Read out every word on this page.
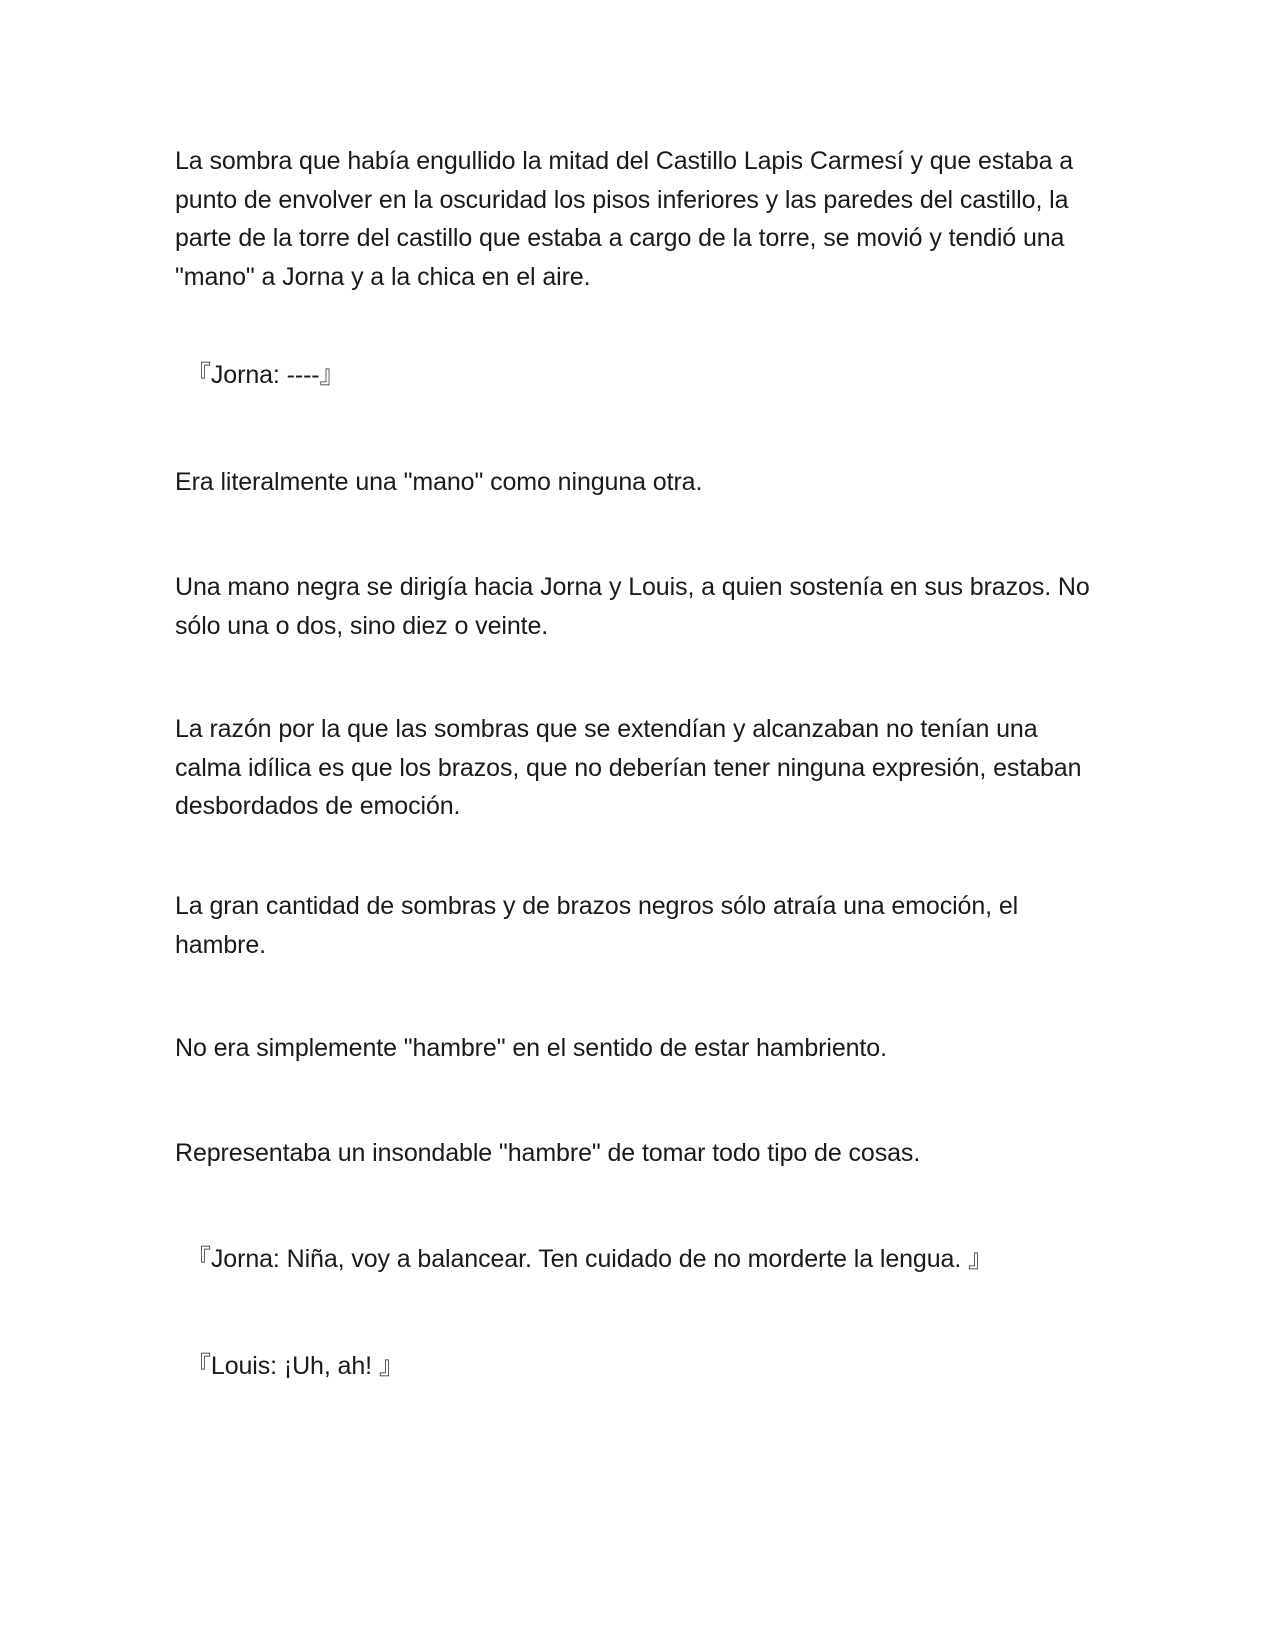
La sombra que había engullido la mitad del Castillo Lapis Carmesí y que estaba a punto de envolver en la oscuridad los pisos inferiores y las paredes del castillo, la parte de la torre del castillo que estaba a cargo de la torre, se movió y tendió una "mano" a Jorna y a la chica en el aire.

『Jorna: ----』

Era literalmente una "mano" como ninguna otra.

Una mano negra se dirigía hacia Jorna y Louis, a quien sostenía en sus brazos. No sólo una o dos, sino diez o veinte.

La razón por la que las sombras que se extendían y alcanzaban no tenían una calma idílica es que los brazos, que no deberían tener ninguna expresión, estaban desbordados de emoción.

La gran cantidad de sombras y de brazos negros sólo atraía una emoción, el hambre.

No era simplemente "hambre" en el sentido de estar hambriento.

Representaba un insondable "hambre" de tomar todo tipo de cosas.

『Jorna: Niña, voy a balancear. Ten cuidado de no morderte la lengua. 』

『Louis: ¡Uh, ah! 』
